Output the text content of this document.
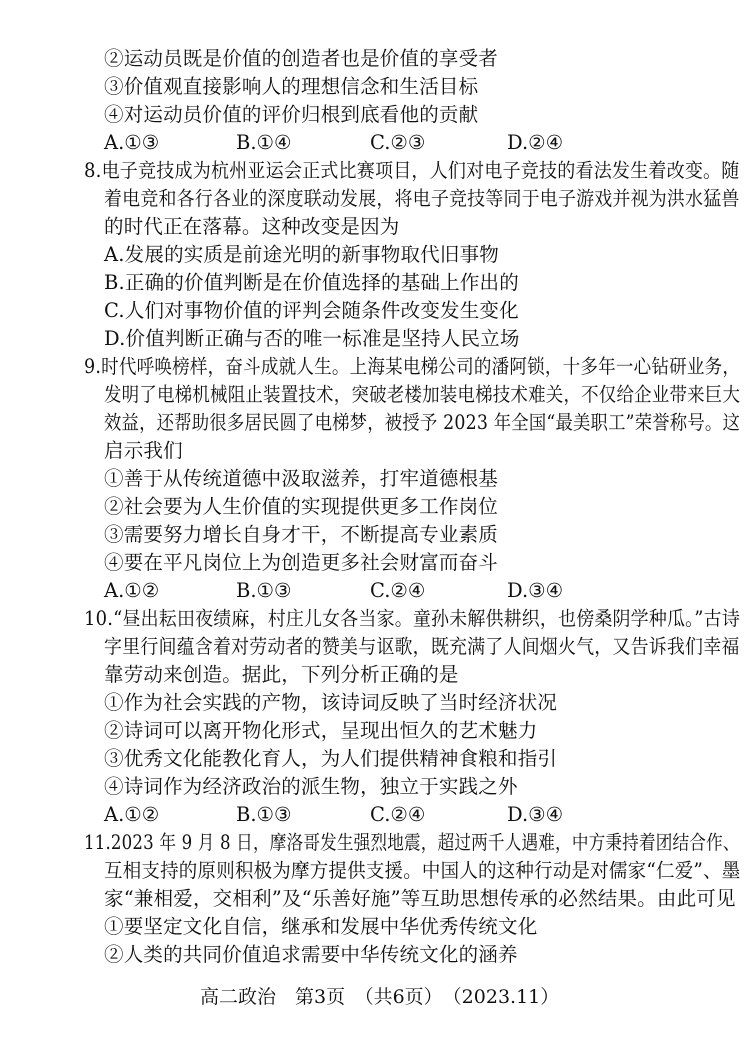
②运动员既是价值的创造者也是价值的享受者
③价值观直接影响人的理想信念和生活目标
④对运动员价值的评价归根到底看他的贡献
A.①③	B.①④	C.②③	D.②④
8.电子竞技成为杭州亚运会正式比赛项目，人们对电子竞技的看法发生着改变。随
着电竞和各行各业的深度联动发展，将电子竞技等同于电子游戏并视为洪水猛兽
的时代正在落幕。这种改变是因为
A.发展的实质是前途光明的新事物取代旧事物
B.正确的价值判断是在价值选择的基础上作出的
C.人们对事物价值的评判会随条件改变发生变化
D.价值判断正确与否的唯一标准是坚持人民立场
9.时代呼唤榜样，奋斗成就人生。上海某电梯公司的潘阿锁，十多年一心钻研业务，
发明了电梯机械阻止装置技术，突破老楼加装电梯技术难关，不仅给企业带来巨大
效益，还帮助很多居民圆了电梯梦，被授予 2023 年全国“最美职工”荣誉称号。这
启示我们
①善于从传统道德中汲取滋养，打牢道德根基
②社会要为人生价值的实现提供更多工作岗位
③需要努力增长自身才干，不断提高专业素质
④要在平凡岗位上为创造更多社会财富而奋斗
A.①②	B.①③	C.②④	D.③④
10.“昼出耘田夜绩麻，村庄儿女各当家。童孙未解供耕织，也傍桑阴学种瓜。”古诗
字里行间蕴含着对劳动者的赞美与讴歌，既充满了人间烟火气，又告诉我们幸福
靠劳动来创造。据此，下列分析正确的是
①作为社会实践的产物，该诗词反映了当时经济状况
②诗词可以离开物化形式，呈现出恒久的艺术魅力
③优秀文化能教化育人，为人们提供精神食粮和指引
④诗词作为经济政治的派生物，独立于实践之外
A.①②	B.①③	C.②④	D.③④
11.2023 年 9 月 8 日，摩洛哥发生强烈地震，超过两千人遇难，中方秉持着团结合作、
互相支持的原则积极为摩方提供支援。中国人的这种行动是对儒家“仁爱”、墨
家“兼相爱，交相利”及“乐善好施”等互助思想传承的必然结果。由此可见
①要坚定文化自信，继承和发展中华优秀传统文化
②人类的共同价值追求需要中华传统文化的涵养
高二政治　第3页　（共6页）　（2023.11）
